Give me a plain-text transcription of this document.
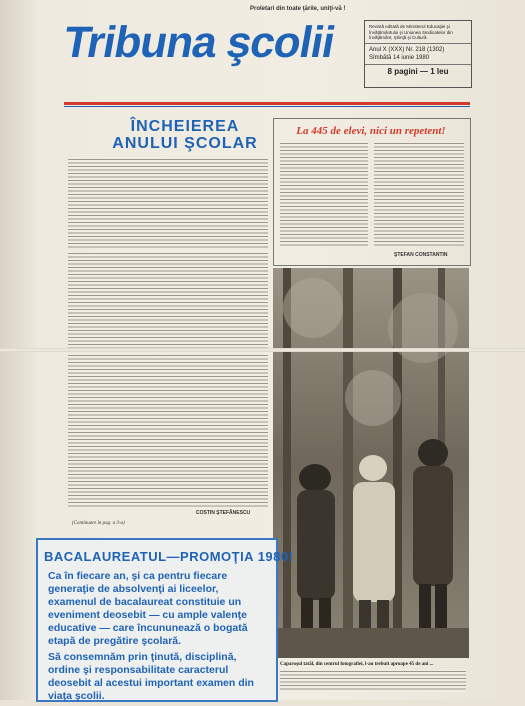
Proletari din toate ţările, uniţi-vă !
Tribuna şcolii	Revistă editată de Ministerul Educaţiei şi Învăţământului şi Uniunea Sindicatelor din Învăţământ, Ştiinţă şi Cultură
Anul X (XXX) Nr. 218 (1302)
Sîmbătă 14 iunie 1980
8 pagini — 1 leu
ÎNCHEIEREA
ANULUI ŞCOLAR
COSTIN ŞTEFĂNESCU
(Continuare în pag. a 3-a)
La 445 de elevi, nici un repetent!
ŞTEFAN CONSTANTIN
Caparoşul tatăl, din centrul fotografiei, l-au trebuit aproape 45 de ani ...
BACALAUREATUL—PROMOŢIA 1980!

Ca în fiecare an, şi ca pentru fiecare generaţie de absolvenţi ai liceelor, examenul de bacalaureat constituie un eveniment deosebit — cu ample valenţe educative — care încununează o bogată etapă de pregătire şcolară.

Să consemnăm prin ţinută, disciplină, ordine şi responsabilitate caracterul deosebit al acestui important examen din viaţa şcolii.
